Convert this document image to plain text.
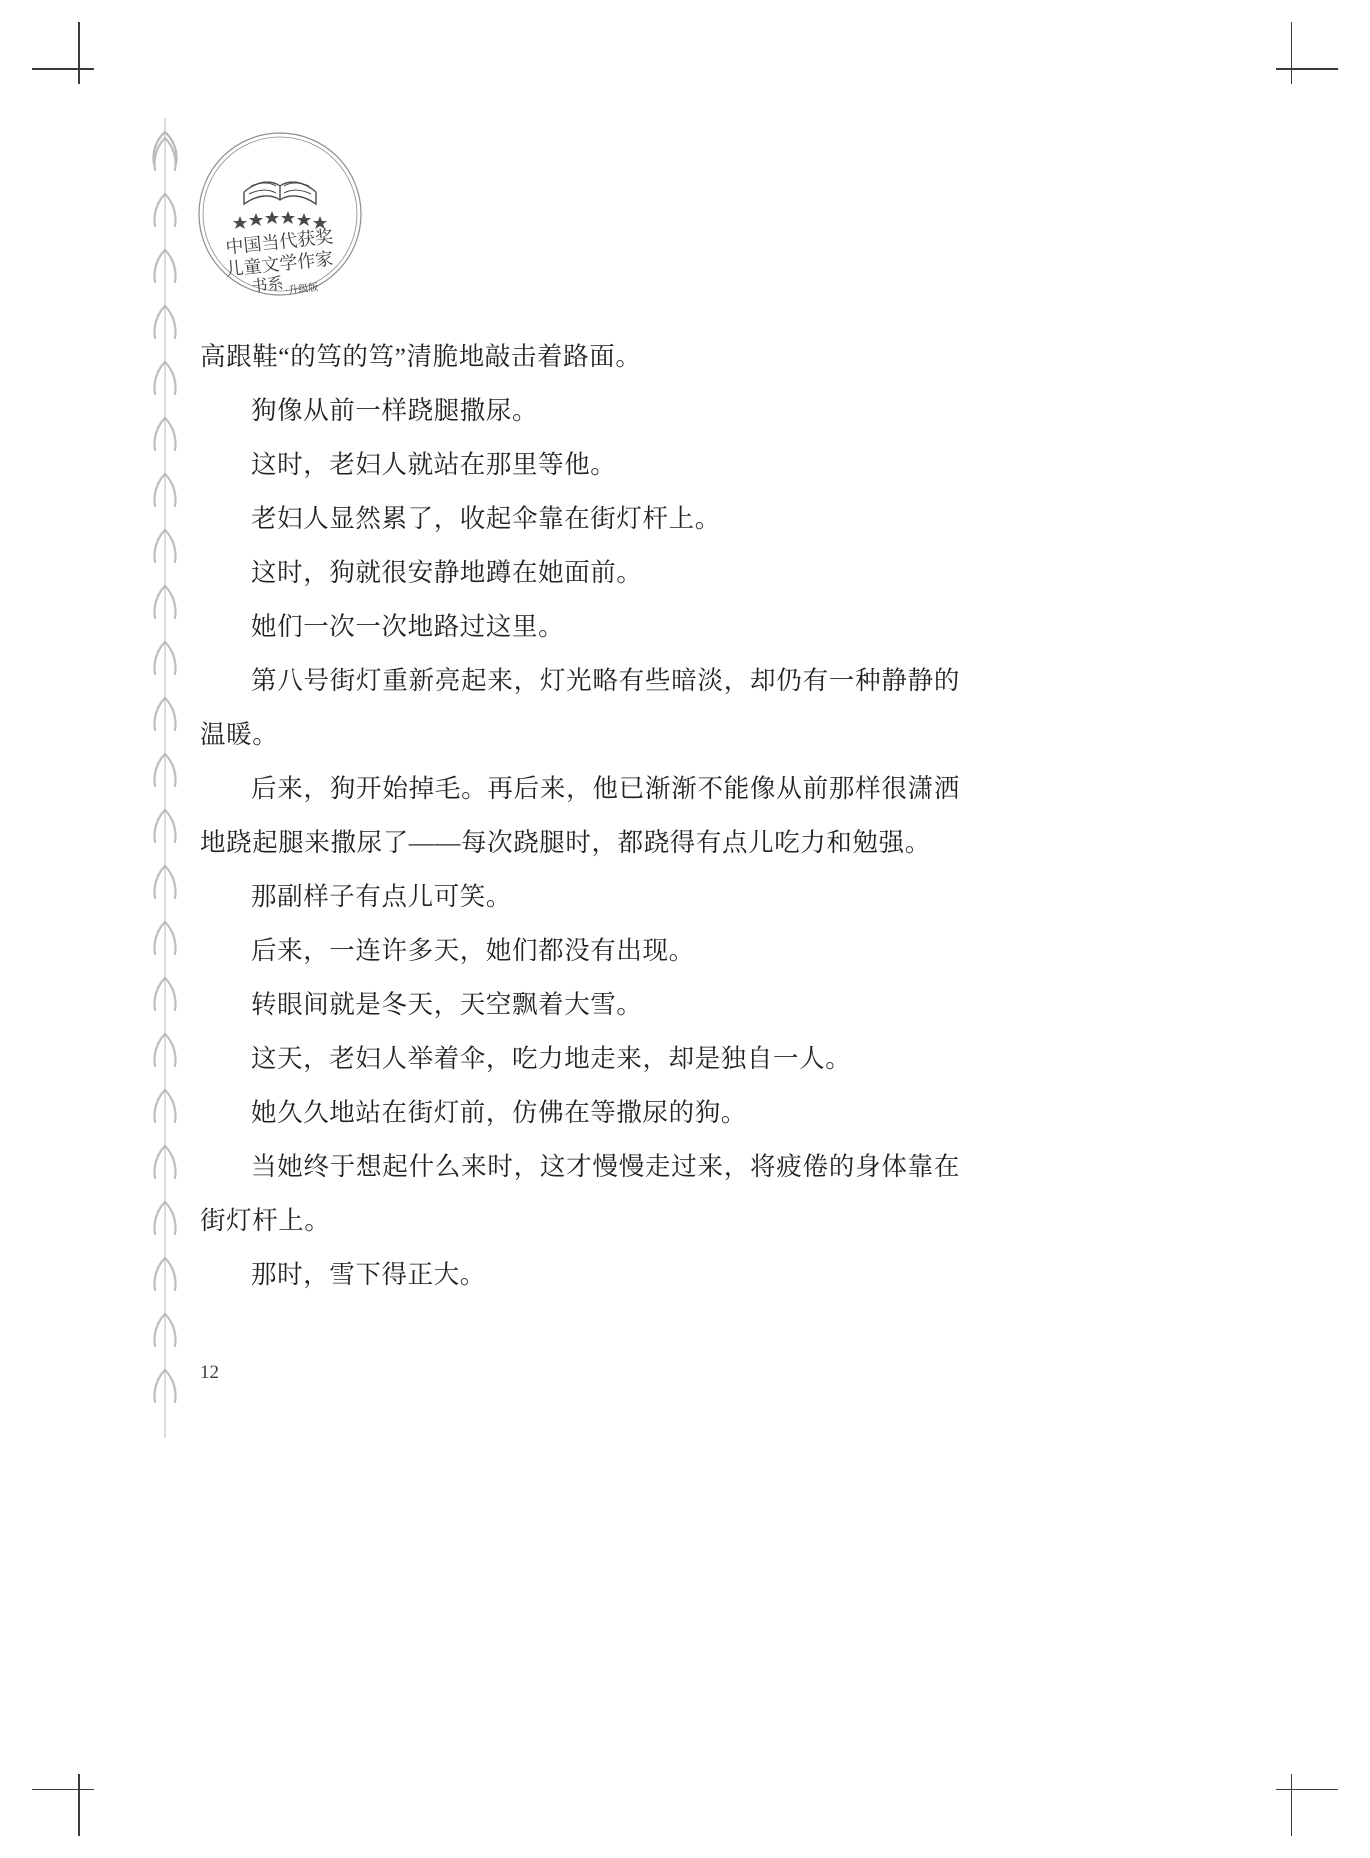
中国当代获奖
儿童文学作家
书系 ·升级版

高跟鞋“的笃的笃”清脆地敲击着路面。

狗像从前一样跷腿撒尿。

这时，老妇人就站在那里等他。

老妇人显然累了，收起伞靠在街灯杆上。

这时，狗就很安静地蹲在她面前。

她们一次一次地路过这里。

第八号街灯重新亮起来，灯光略有些暗淡，却仍有一种静静的温暖。

后来，狗开始掉毛。再后来，他已渐渐不能像从前那样很潇洒地跷起腿来撒尿了——每次跷腿时，都跷得有点儿吃力和勉强。

那副样子有点儿可笑。

后来，一连许多天，她们都没有出现。

转眼间就是冬天，天空飘着大雪。

这天，老妇人举着伞，吃力地走来，却是独自一人。

她久久地站在街灯前，仿佛在等撒尿的狗。

当她终于想起什么来时，这才慢慢走过来，将疲倦的身体靠在街灯杆上。

那时，雪下得正大。

12
